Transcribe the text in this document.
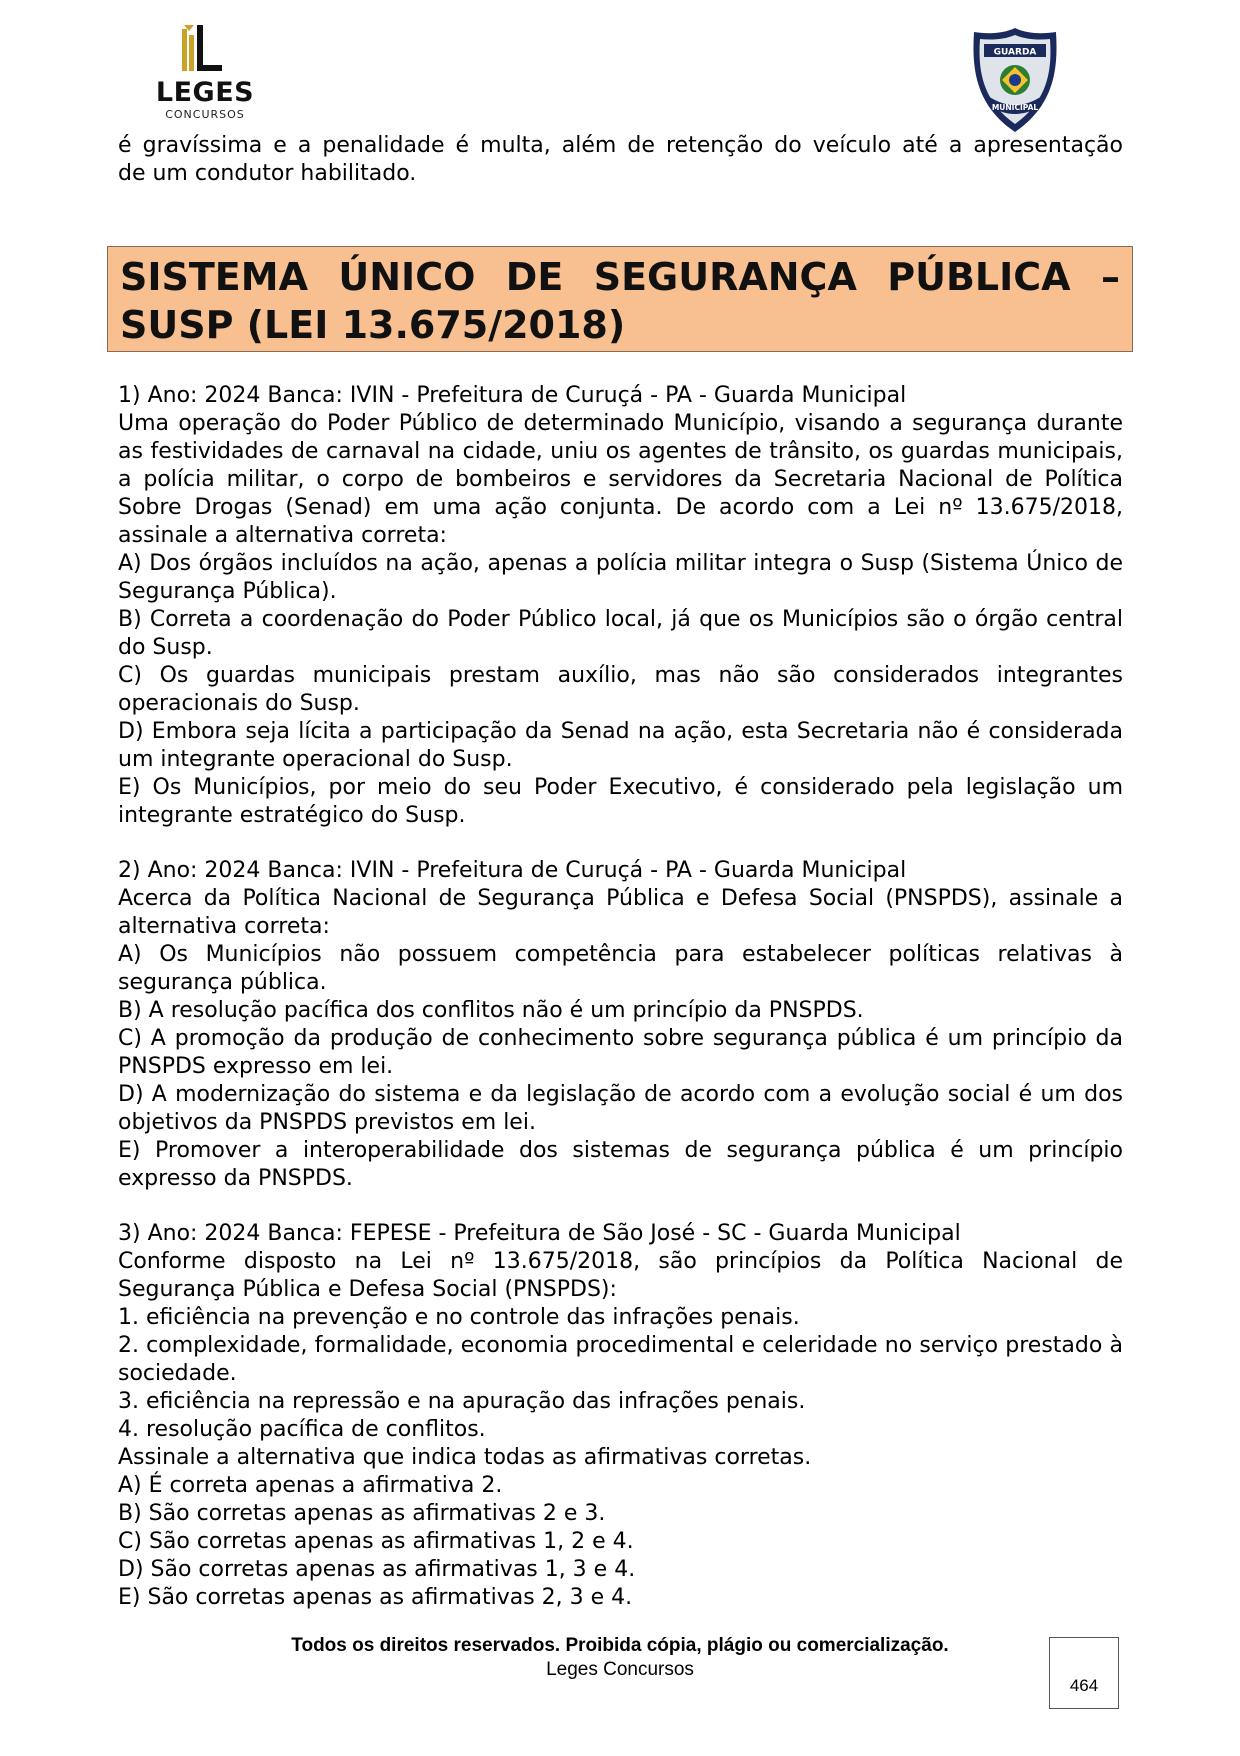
LEGES
CONCURSOS
GUARDA
MUNICIPAL

é gravíssima e a penalidade é multa, além de retenção do veículo até a apresentação

de um condutor habilitado.

SISTEMA ÚNICO DE SEGURANÇA PÚBLICA –
SUSP (LEI 13.675/2018)

1) Ano: 2024 Banca: IVIN - Prefeitura de Curuçá - PA - Guarda Municipal

Uma operação do Poder Público de determinado Município, visando a segurança durante as festividades de carnaval na cidade, uniu os agentes de trânsito, os guardas municipais, a polícia militar, o corpo de bombeiros e servidores da Secretaria Nacional de Política Sobre Drogas (Senad) em uma ação conjunta. De acordo com a Lei nº 13.675/2018, assinale a alternativa correta:

A) Dos órgãos incluídos na ação, apenas a polícia militar integra o Susp (Sistema Único de Segurança Pública).

B) Correta a coordenação do Poder Público local, já que os Municípios são o órgão central do Susp.

C) Os guardas municipais prestam auxílio, mas não são considerados integrantes operacionais do Susp.

D) Embora seja lícita a participação da Senad na ação, esta Secretaria não é considerada um integrante operacional do Susp.

E) Os Municípios, por meio do seu Poder Executivo, é considerado pela legislação um integrante estratégico do Susp.

2) Ano: 2024 Banca: IVIN - Prefeitura de Curuçá - PA - Guarda Municipal

Acerca da Política Nacional de Segurança Pública e Defesa Social (PNSPDS), assinale a alternativa correta:

A) Os Municípios não possuem competência para estabelecer políticas relativas à segurança pública.

B) A resolução pacífica dos conflitos não é um princípio da PNSPDS.

C) A promoção da produção de conhecimento sobre segurança pública é um princípio da PNSPDS expresso em lei.

D) A modernização do sistema e da legislação de acordo com a evolução social é um dos objetivos da PNSPDS previstos em lei.

E) Promover a interoperabilidade dos sistemas de segurança pública é um princípio expresso da PNSPDS.

3) Ano: 2024 Banca: FEPESE - Prefeitura de São José - SC - Guarda Municipal

Conforme disposto na Lei nº 13.675/2018, são princípios da Política Nacional de Segurança Pública e Defesa Social (PNSPDS):

1. eficiência na prevenção e no controle das infrações penais.

2. complexidade, formalidade, economia procedimental e celeridade no serviço prestado à sociedade.

3. eficiência na repressão e na apuração das infrações penais.

4. resolução pacífica de conflitos.

Assinale a alternativa que indica todas as afirmativas corretas.

A) É correta apenas a afirmativa 2.

B) São corretas apenas as afirmativas 2 e 3.

C) São corretas apenas as afirmativas 1, 2 e 4.

D) São corretas apenas as afirmativas 1, 3 e 4.

E) São corretas apenas as afirmativas 2, 3 e 4.

Todos os direitos reservados. Proibida cópia, plágio ou comercialização.
Leges Concursos
464
